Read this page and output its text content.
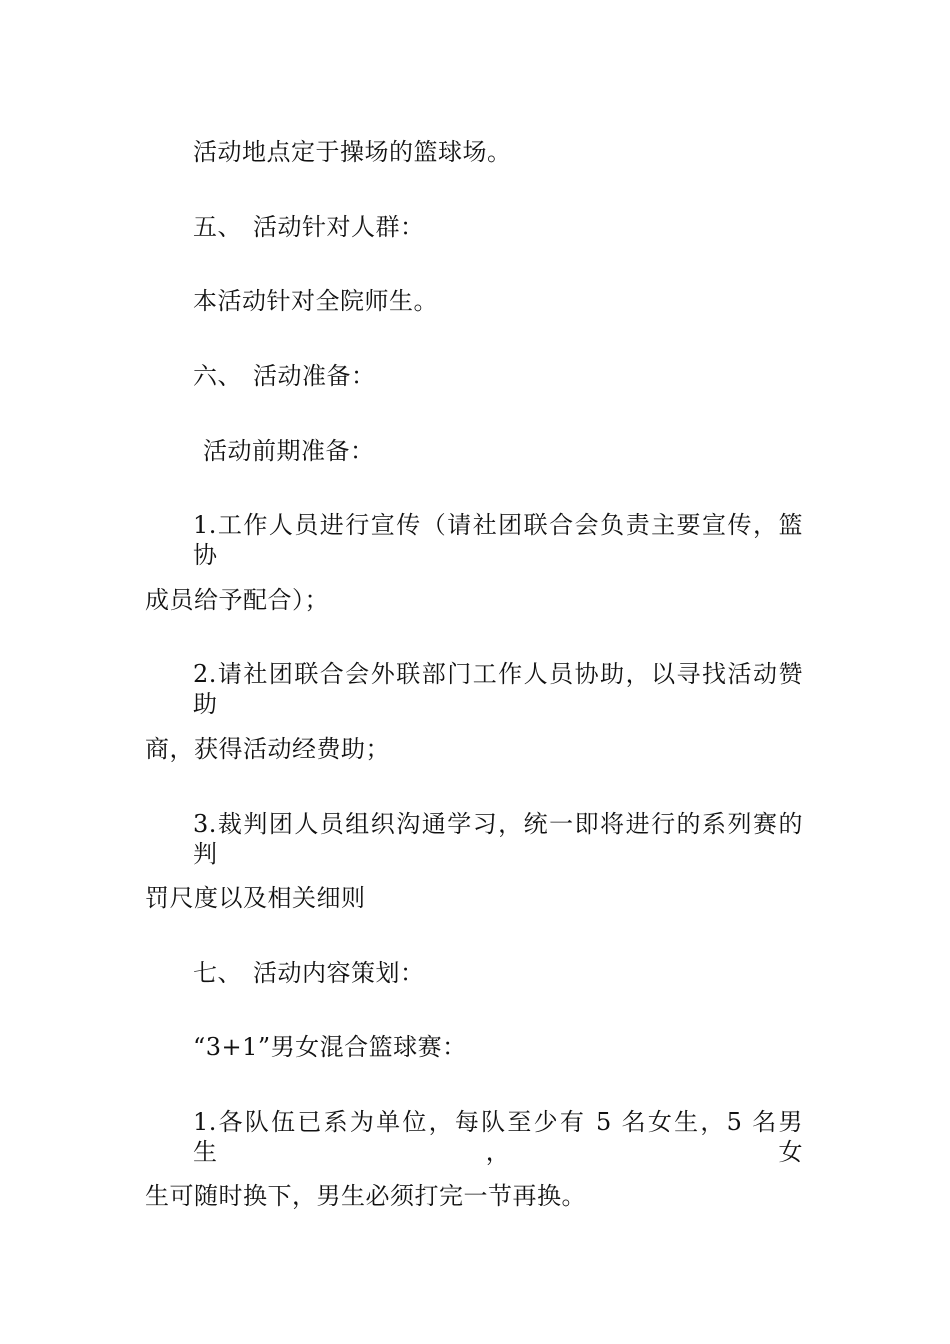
活动地点定于操场的篮球场。
五、 活动针对人群：
本活动针对全院师生。
六、 活动准备：
活动前期准备：
1.工作人员进行宣传（请社团联合会负责主要宣传，篮协
成员给予配合）；
2.请社团联合会外联部门工作人员协助，以寻找活动赞助
商，获得活动经费助；
3.裁判团人员组织沟通学习，统一即将进行的系列赛的判
罚尺度以及相关细则
七、 活动内容策划：
“3+1”男女混合篮球赛：
1.各队伍已系为单位，每队至少有 5 名女生，5 名男生，女
生可随时换下，男生必须打完一节再换。
